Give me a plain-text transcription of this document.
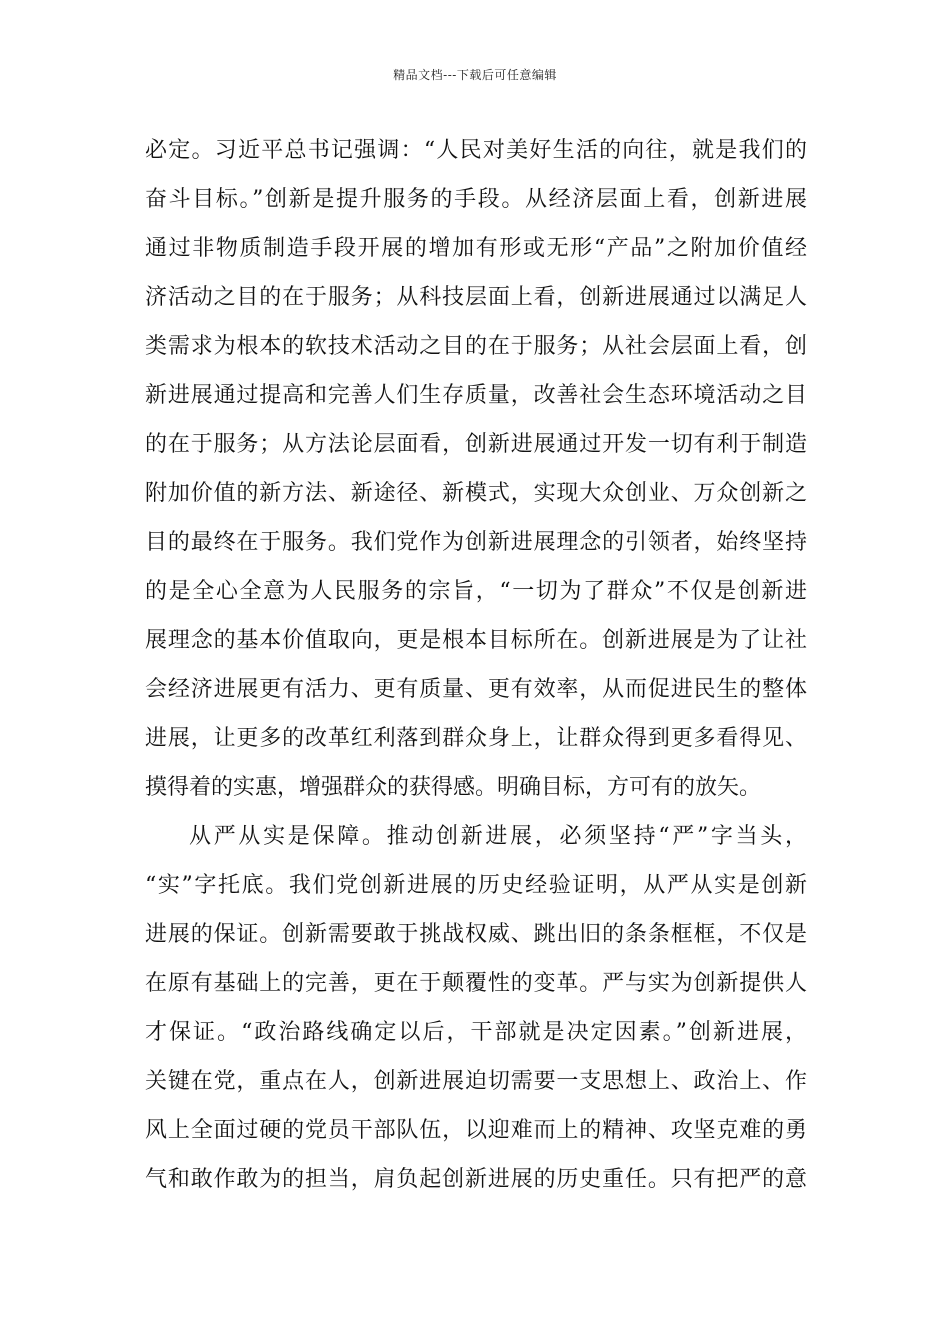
精品文档---下载后可任意编辑
必定。习近平总书记强调：“人民对美好生活的向往，就是我们的
奋斗目标。”创新是提升服务的手段。从经济层面上看，创新进展
通过非物质制造手段开展的增加有形或无形“产品”之附加价值经
济活动之目的在于服务；从科技层面上看，创新进展通过以满足人
类需求为根本的软技术活动之目的在于服务；从社会层面上看，创
新进展通过提高和完善人们生存质量，改善社会生态环境活动之目
的在于服务；从方法论层面看，创新进展通过开发一切有利于制造
附加价值的新方法、新途径、新模式，实现大众创业、万众创新之
目的最终在于服务。我们党作为创新进展理念的引领者，始终坚持
的是全心全意为人民服务的宗旨，“一切为了群众”不仅是创新进
展理念的基本价值取向，更是根本目标所在。创新进展是为了让社
会经济进展更有活力、更有质量、更有效率，从而促进民生的整体
进展，让更多的改革红利落到群众身上，让群众得到更多看得见、
摸得着的实惠，增强群众的获得感。明确目标，方可有的放矢。
从严从实是保障。推动创新进展，必须坚持“严”字当头，
“实”字托底。我们党创新进展的历史经验证明，从严从实是创新
进展的保证。创新需要敢于挑战权威、跳出旧的条条框框，不仅是
在原有基础上的完善，更在于颠覆性的变革。严与实为创新提供人
才保证。“政治路线确定以后，干部就是决定因素。”创新进展，
关键在党，重点在人，创新进展迫切需要一支思想上、政治上、作
风上全面过硬的党员干部队伍，以迎难而上的精神、攻坚克难的勇
气和敢作敢为的担当，肩负起创新进展的历史重任。只有把严的意
